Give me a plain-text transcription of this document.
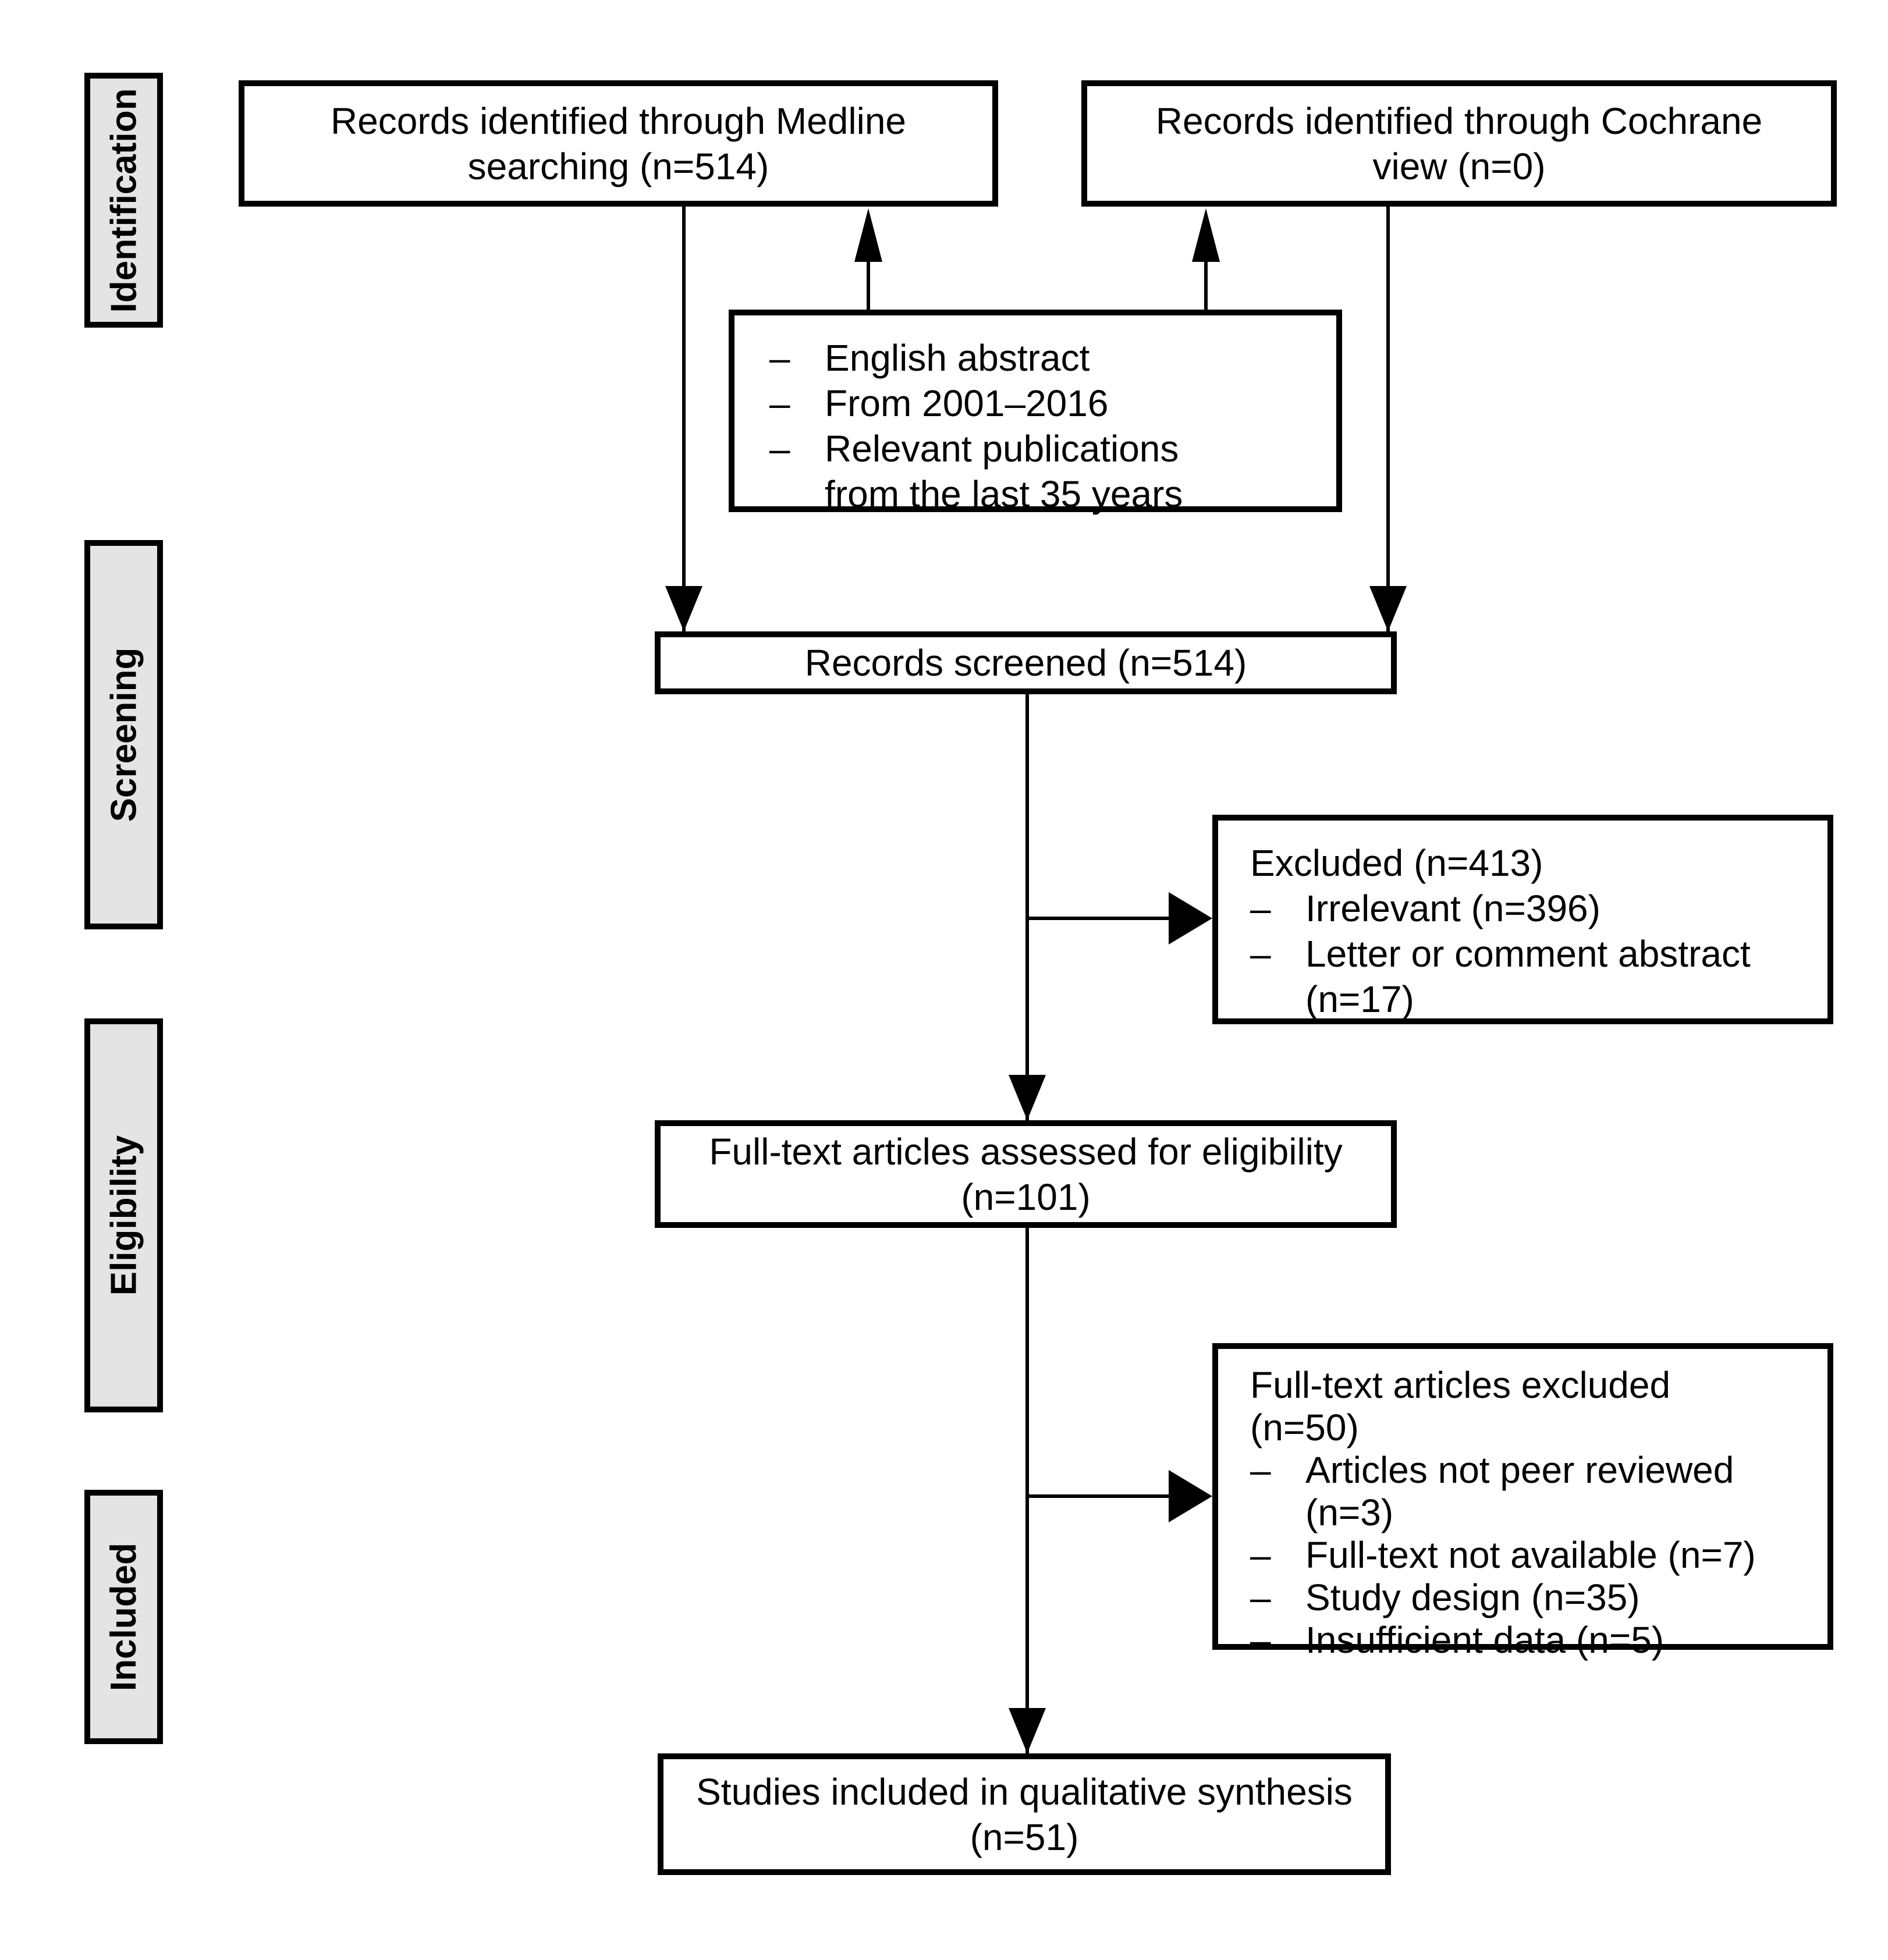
Identification
Screening
Eligibility
Included
Records identified through Medline
searching (n=514)
Records identified through Cochrane
view (n=0)
– English abstract
– From 2001–2016
– Relevant publications
from the last 35 years
Records screened (n=514)
Excluded (n=413)
– Irrelevant (n=396)
– Letter or comment abstract
(n=17)
Full-text articles assessed for eligibility
(n=101)
Full-text articles excluded
(n=50)
– Articles not peer reviewed
(n=3)
– Full-text not available (n=7)
– Study design (n=35)
– Insufficient data (n=5)
Studies included in qualitative synthesis
(n=51)
